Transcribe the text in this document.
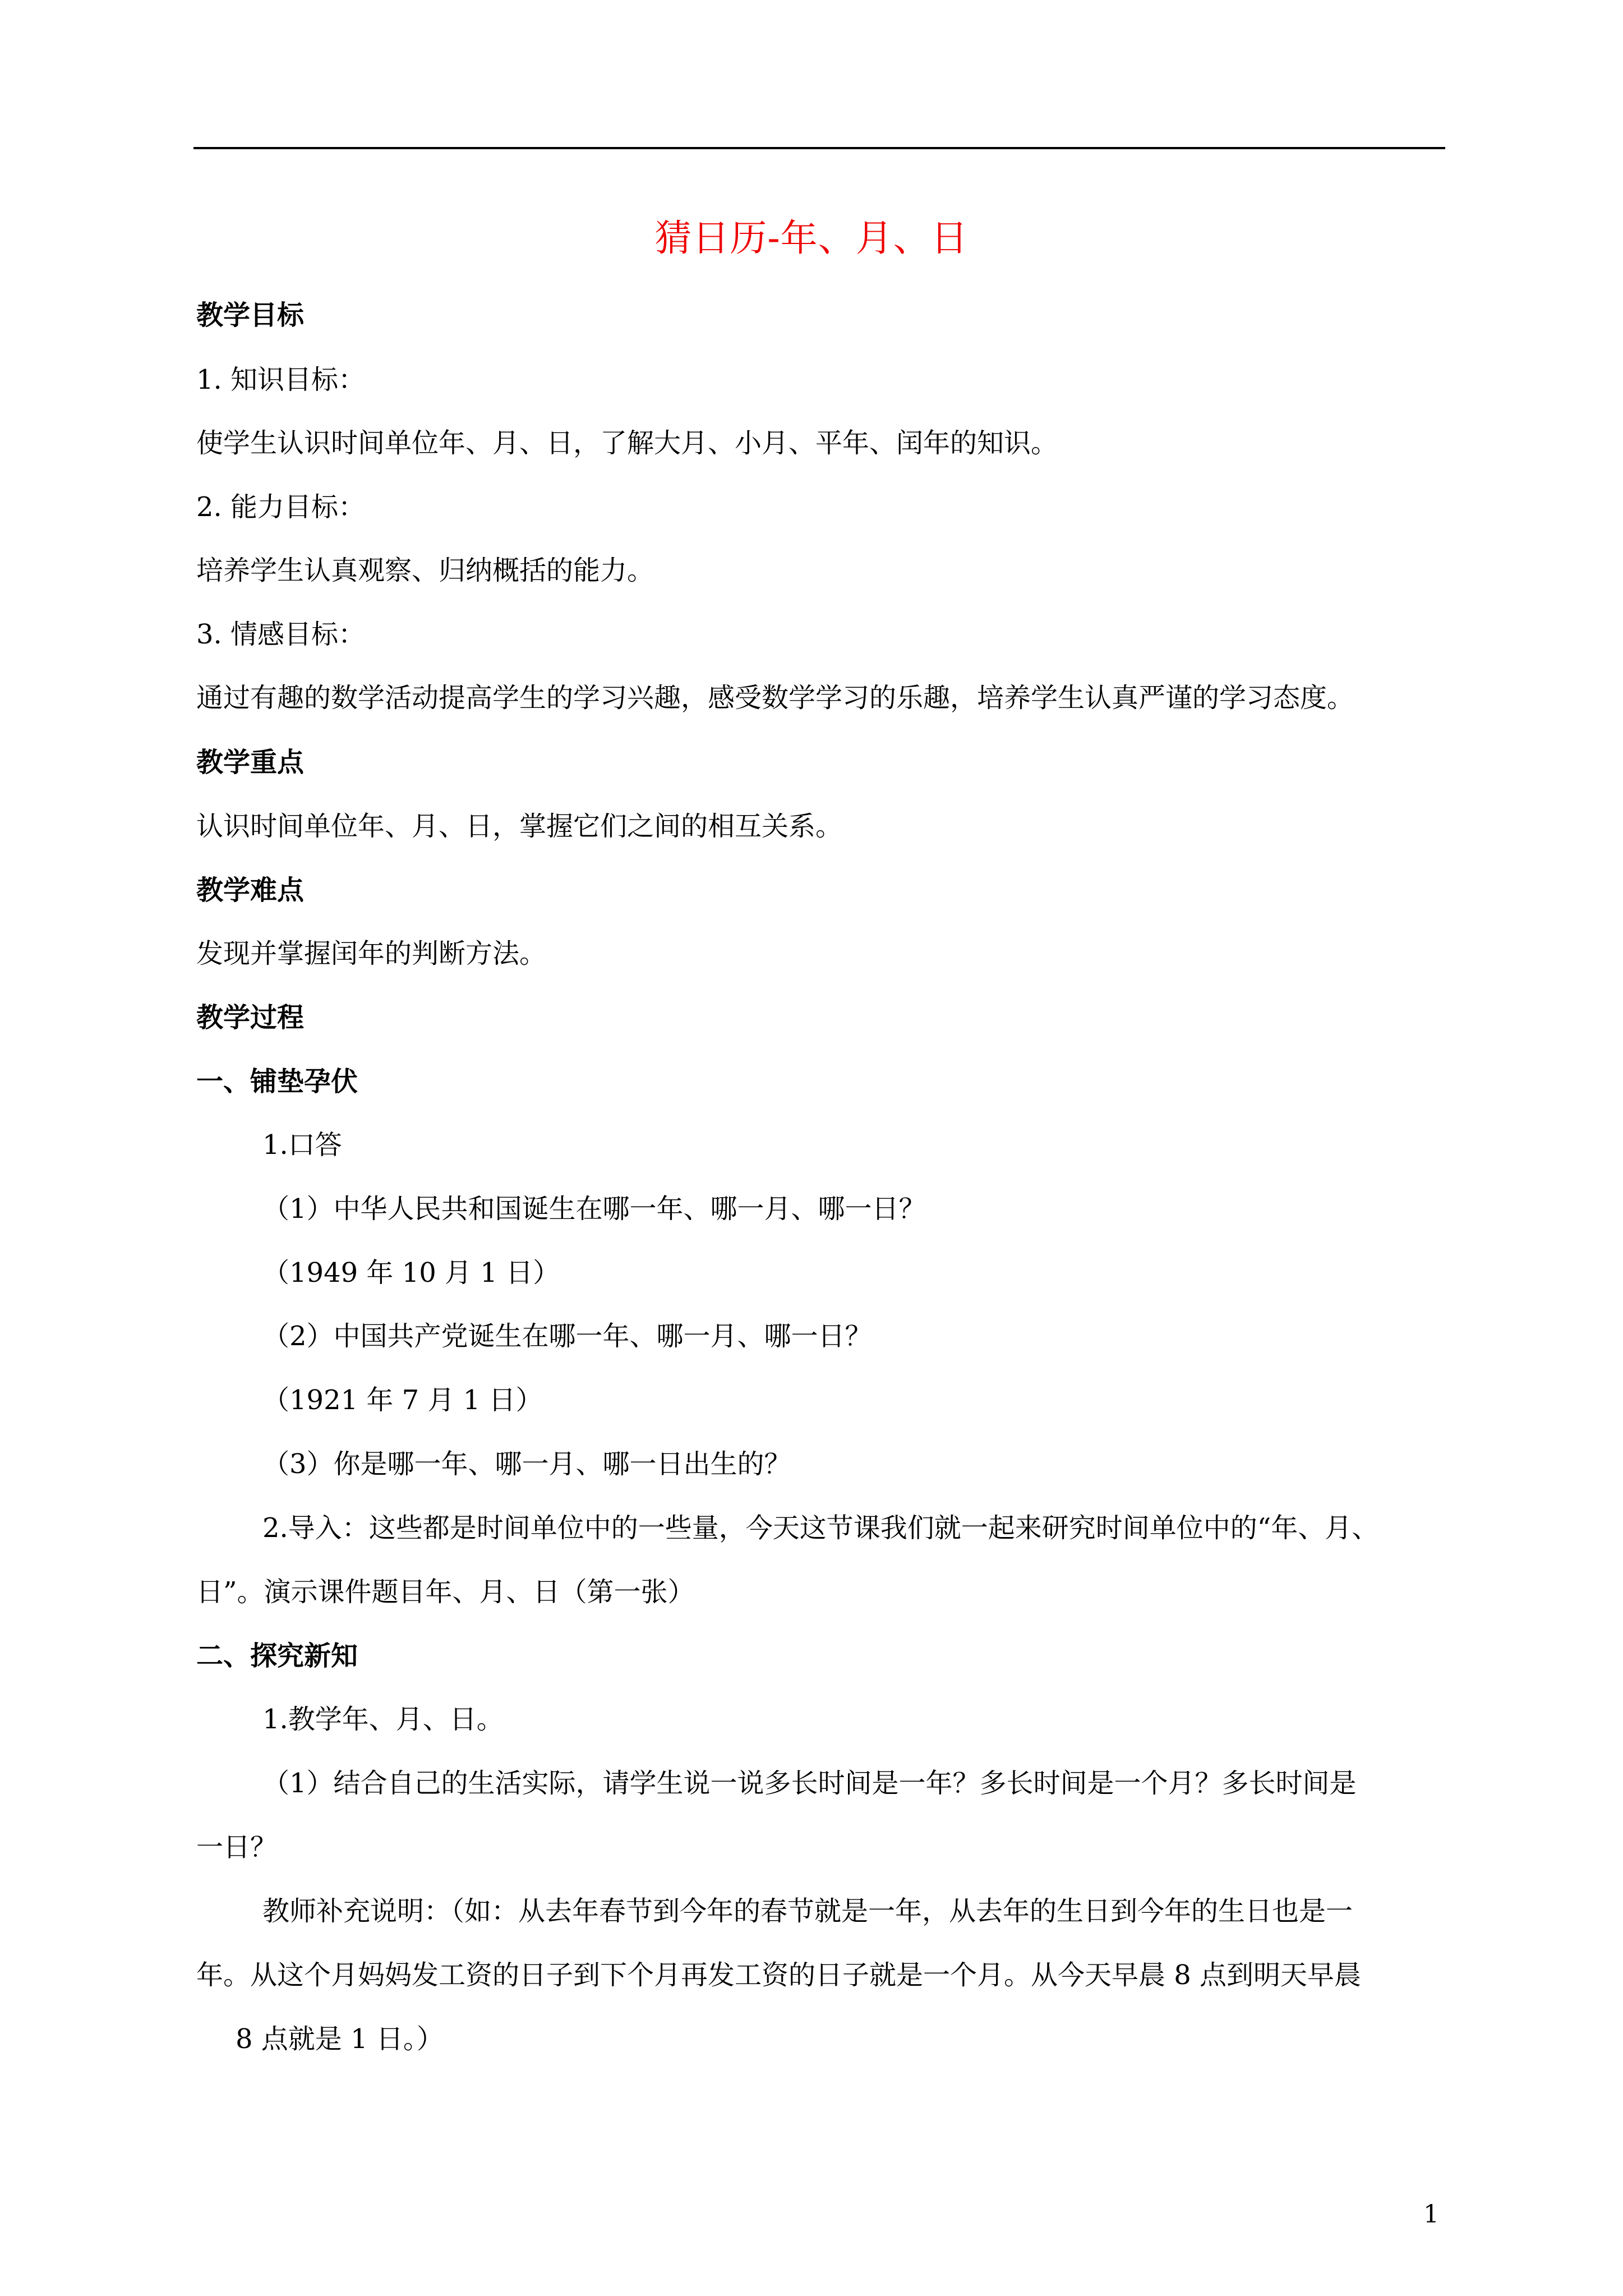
猜日历-年、月、日
教学目标
1. 知识目标：
使学生认识时间单位年、月、日，了解大月、小月、平年、闰年的知识。
2. 能力目标：
培养学生认真观察、归纳概括的能力。
3. 情感目标：
通过有趣的数学活动提高学生的学习兴趣，感受数学学习的乐趣，培养学生认真严谨的学习态度。
教学重点
认识时间单位年、月、日，掌握它们之间的相互关系。
教学难点
发现并掌握闰年的判断方法。
教学过程
一、铺垫孕伏
1.口答
（1）中华人民共和国诞生在哪一年、哪一月、哪一日？
（1949 年 10 月 1 日）
（2）中国共产党诞生在哪一年、哪一月、哪一日？
（1921 年 7 月 1 日）
（3）你是哪一年、哪一月、哪一日出生的？
2.导入：这些都是时间单位中的一些量，今天这节课我们就一起来研究时间单位中的“年、月、
日”。演示课件题目年、月、日（第一张）
二、探究新知
1.教学年、月、日。
（1）结合自己的生活实际，请学生说一说多长时间是一年？多长时间是一个月？多长时间是
一日？
教师补充说明：（如：从去年春节到今年的春节就是一年，从去年的生日到今年的生日也是一
年。从这个月妈妈发工资的日子到下个月再发工资的日子就是一个月。从今天早晨 8 点到明天早晨
8 点就是 1 日。）
1
